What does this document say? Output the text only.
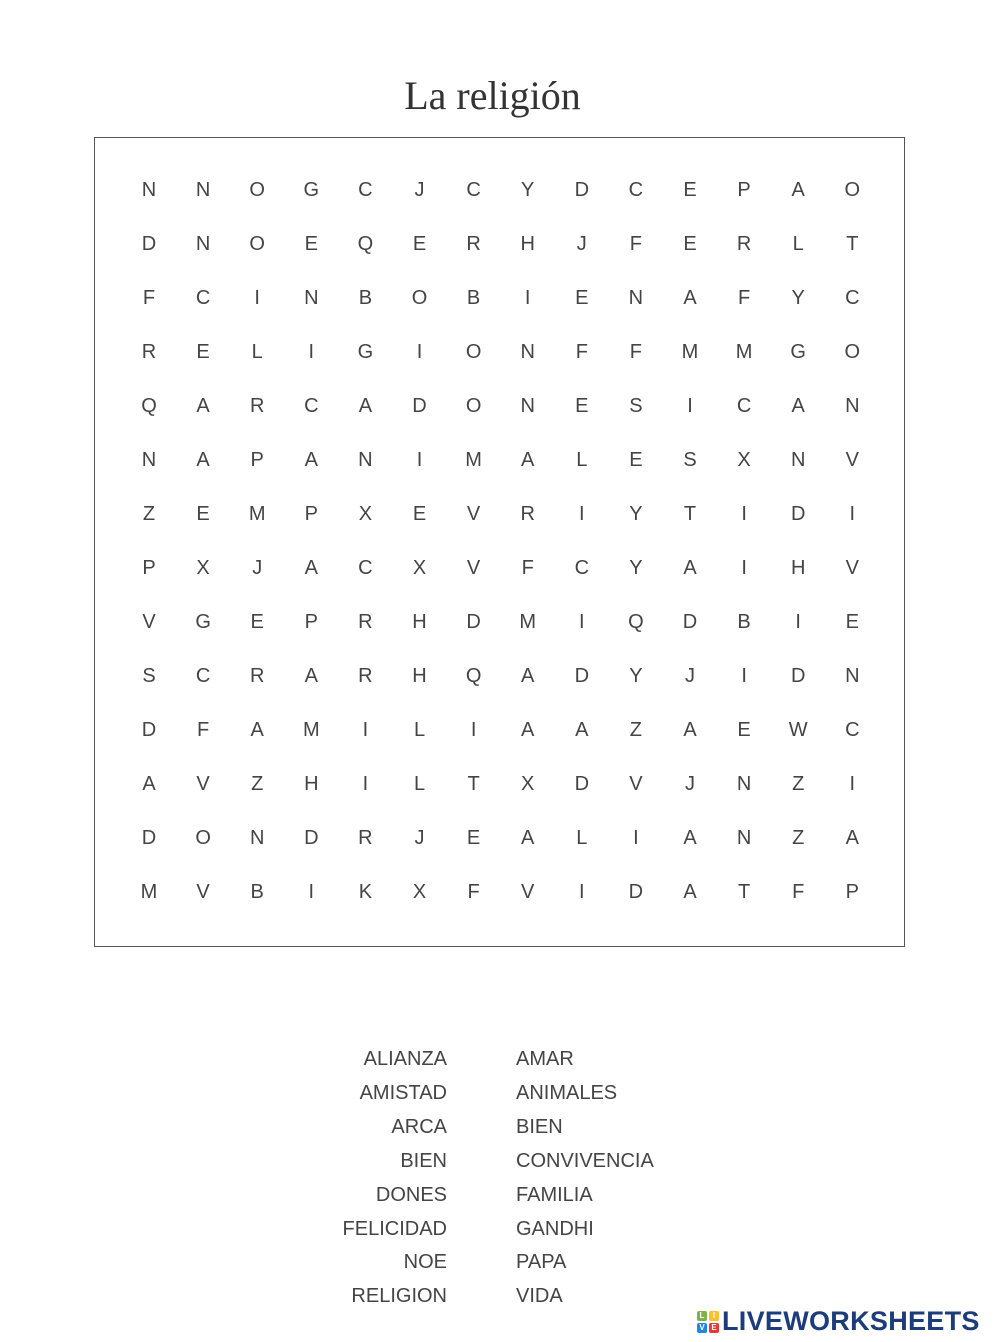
La religión
N	N	O	G	C	J	C	Y	D	C	E	P	A	O
D	N	O	E	Q	E	R	H	J	F	E	R	L	T
F	C	I	N	B	O	B	I	E	N	A	F	Y	C
R	E	L	I	G	I	O	N	F	F	M	M	G	O
Q	A	R	C	A	D	O	N	E	S	I	C	A	N
N	A	P	A	N	I	M	A	L	E	S	X	N	V
Z	E	M	P	X	E	V	R	I	Y	T	I	D	I
P	X	J	A	C	X	V	F	C	Y	A	I	H	V
V	G	E	P	R	H	D	M	I	Q	D	B	I	E
S	C	R	A	R	H	Q	A	D	Y	J	I	D	N
D	F	A	M	I	L	I	A	A	Z	A	E	W	C
A	V	Z	H	I	L	T	X	D	V	J	N	Z	I
D	O	N	D	R	J	E	A	L	I	A	N	Z	A
M	V	B	I	K	X	F	V	I	D	A	T	F	P
ALIANZA
AMISTAD
ARCA
BIEN
DONES
FELICIDAD
NOE
RELIGION
AMAR
ANIMALES
BIEN
CONVIVENCIA
FAMILIA
GANDHI
PAPA
VIDA
L	I
V E LIVEWORKSHEETS
